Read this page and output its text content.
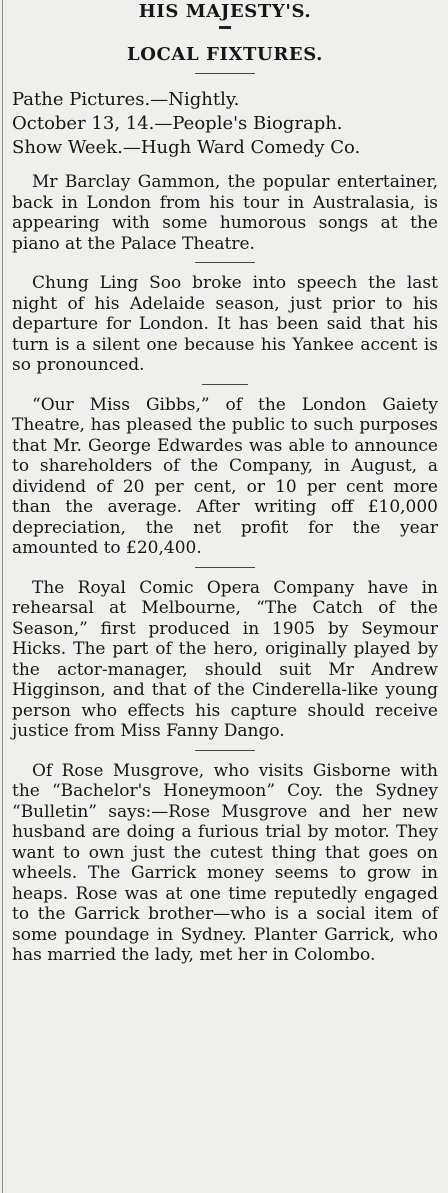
HIS MAJESTY'S.
LOCAL FIXTURES.
Pathe Pictures.—Nightly.
October 13, 14.—People's Biograph.
Show Week.—Hugh Ward Comedy Co.

Mr Barclay Gammon, the popular entertainer, back in London from his tour in Australasia, is appearing with some humorous songs at the piano at the Palace Theatre.

Chung Ling Soo broke into speech the last night of his Adelaide season, just prior to his departure for London. It has been said that his turn is a silent one because his Yankee accent is so pronounced.

“Our Miss Gibbs,” of the London Gaiety Theatre, has pleased the public to such purposes that Mr. George Edwardes was able to announce to shareholders of the Company, in August, a dividend of 20 per cent, or 10 per cent more than the average. After writing off £10,000 depreciation, the net profit for the year amounted to £20,400.

The Royal Comic Opera Company have in rehearsal at Melbourne, “The Catch of the Season,” first produced in 1905 by Seymour Hicks. The part of the hero, originally played by the actor-manager, should suit Mr Andrew Higginson, and that of the Cinderella-like young person who effects his capture should receive justice from Miss Fanny Dango.

Of Rose Musgrove, who visits Gisborne with the “Bachelor's Honeymoon” Coy. the Sydney “Bulletin” says:—Rose Musgrove and her new husband are doing a furious trial by motor. They want to own just the cutest thing that goes on wheels. The Garrick money seems to grow in heaps. Rose was at one time reputedly engaged to the Garrick brother—who is a social item of some poundage in Sydney. Planter Garrick, who has married the lady, met her in Colombo.
